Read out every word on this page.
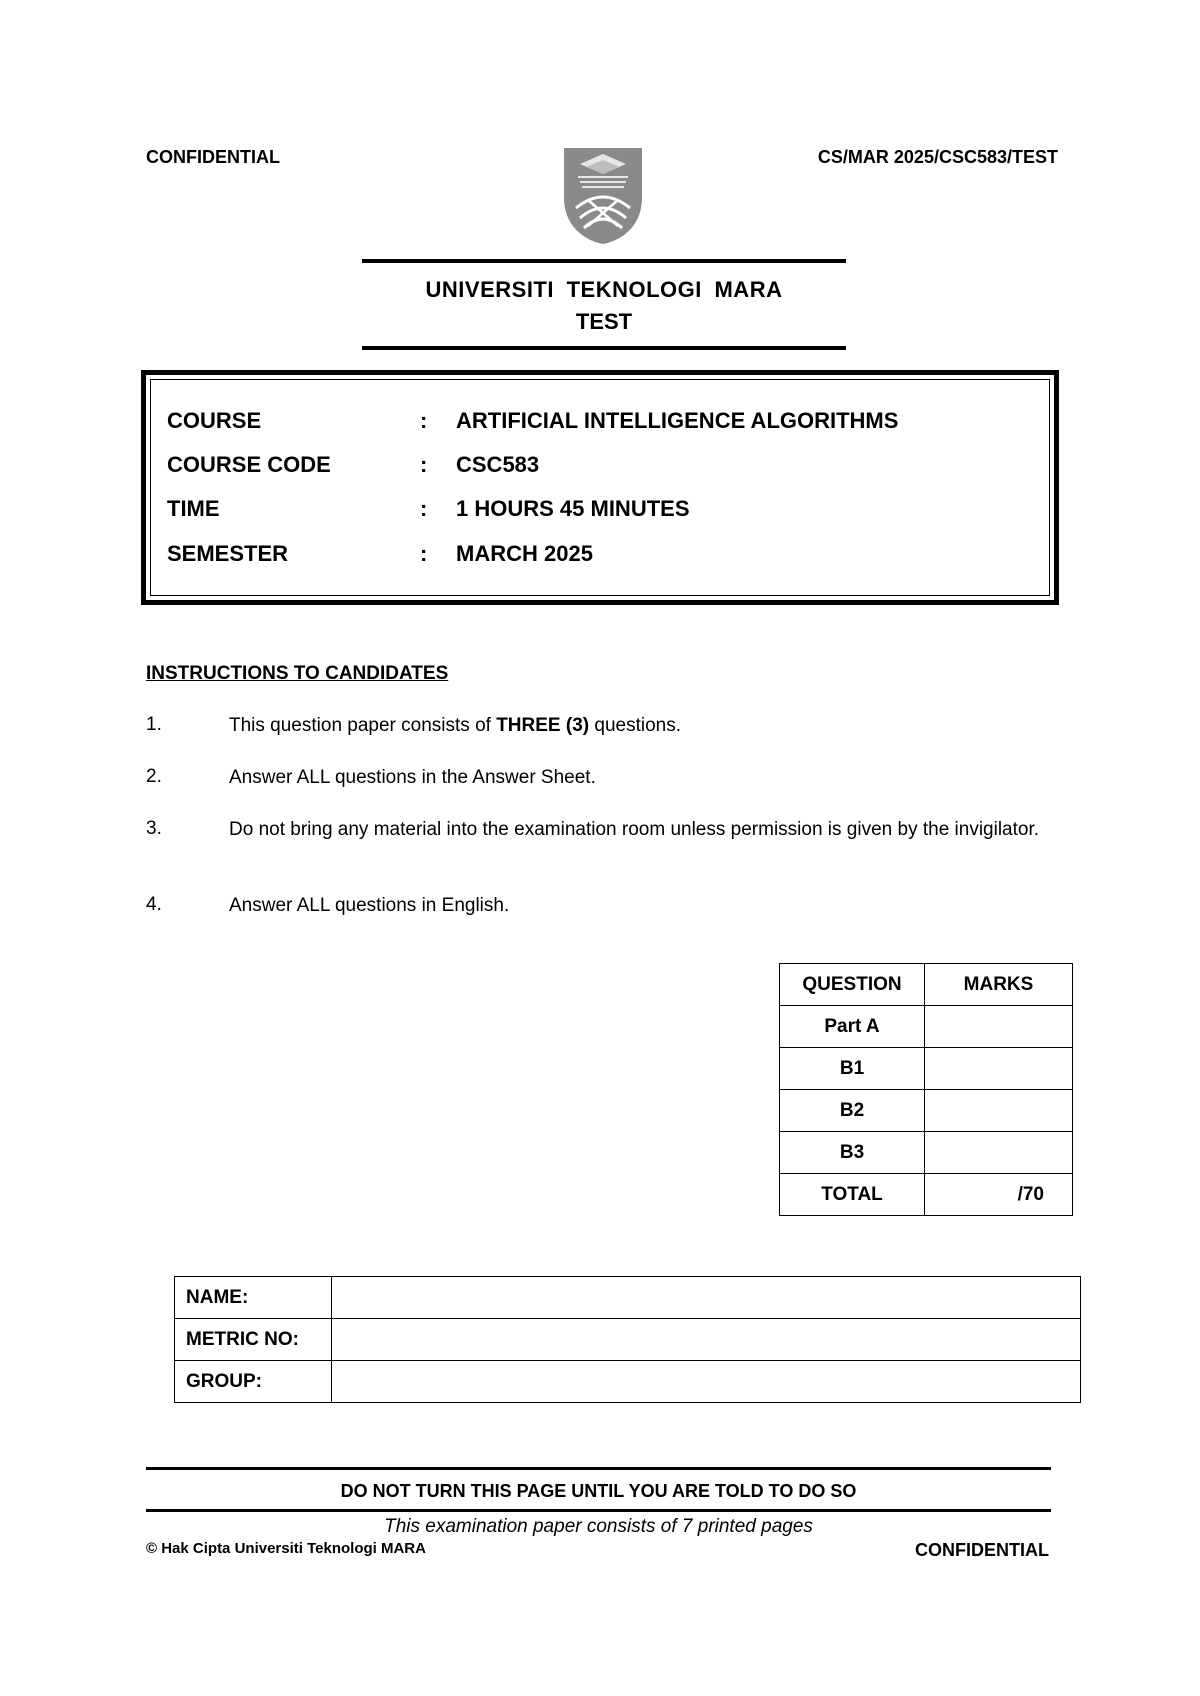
CONFIDENTIAL	CS/MAR 2025/CSC583/TEST
UNIVERSITI TEKNOLOGI MARA
TEST
COURSE	: ARTIFICIAL INTELLIGENCE ALGORITHMS
COURSE CODE	: CSC583
TIME	: 1 HOURS 45 MINUTES
SEMESTER	: MARCH 2025
INSTRUCTIONS TO CANDIDATES
1.	This question paper consists of THREE (3) questions.
2.	Answer ALL questions in the Answer Sheet.
3.	Do not bring any material into the examination room unless permission is given by the invigilator.
4.	Answer ALL questions in English.
QUESTION	MARKS
Part A	
B1	
B2	
B3	
TOTAL	/70
NAME:	
METRIC NO:	
GROUP:	
DO NOT TURN THIS PAGE UNTIL YOU ARE TOLD TO DO SO
This examination paper consists of 7 printed pages
© Hak Cipta Universiti Teknologi MARA	CONFIDENTIAL
